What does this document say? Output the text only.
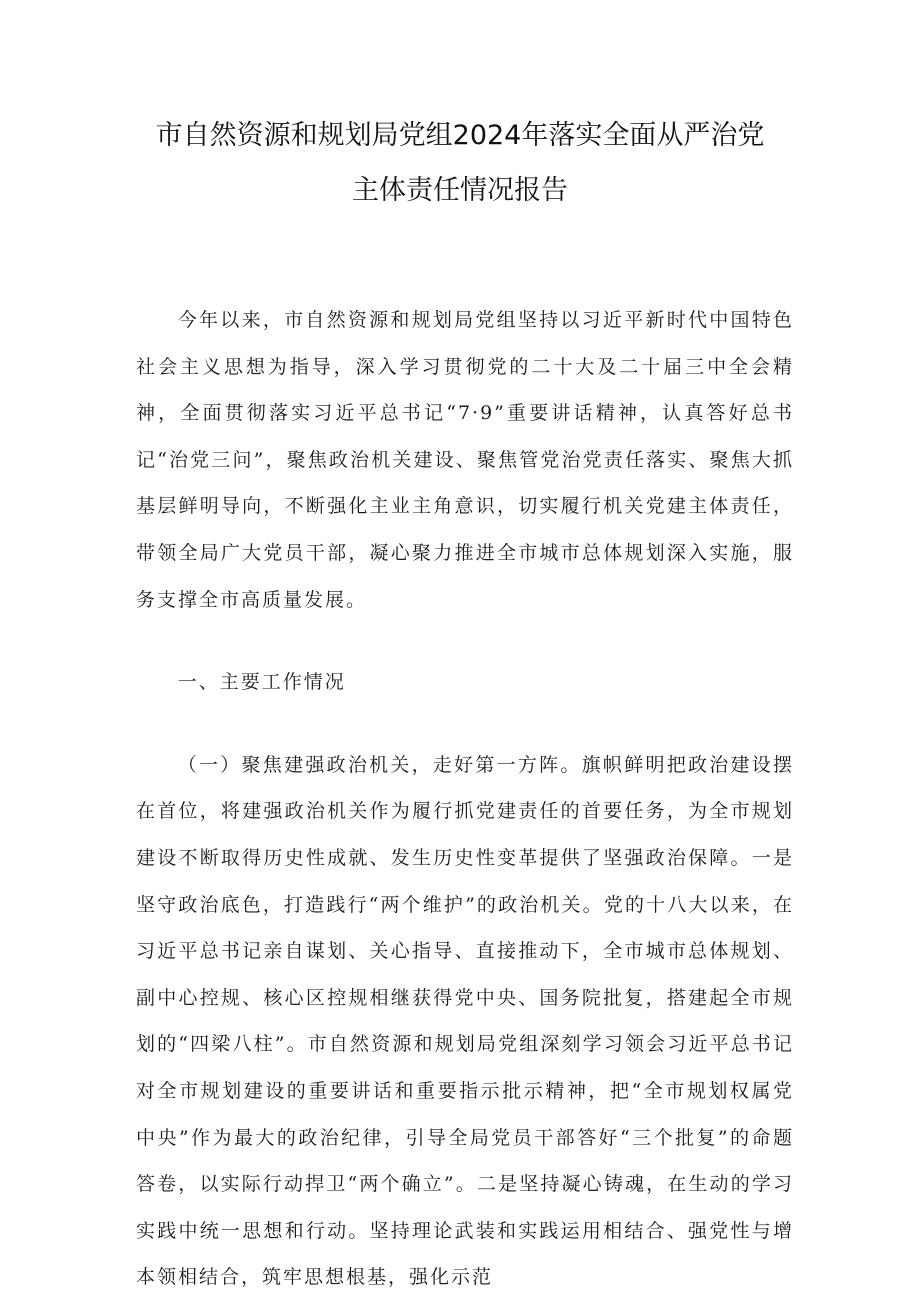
市自然资源和规划局党组2024年落实全面从严治党
主体责任情况报告

今年以来，市自然资源和规划局党组坚持以习近平新时代中国特色社会主义思想为指导，深入学习贯彻党的二十大及二十届三中全会精神，全面贯彻落实习近平总书记“7·9”重要讲话精神，认真答好总书记“治党三问”，聚焦政治机关建设、聚焦管党治党责任落实、聚焦大抓基层鲜明导向，不断强化主业主角意识，切实履行机关党建主体责任，带领全局广大党员干部，凝心聚力推进全市城市总体规划深入实施，服务支撑全市高质量发展。

一、主要工作情况

（一）聚焦建强政治机关，走好第一方阵。旗帜鲜明把政治建设摆在首位，将建强政治机关作为履行抓党建责任的首要任务，为全市规划建设不断取得历史性成就、发生历史性变革提供了坚强政治保障。一是坚守政治底色，打造践行“两个维护”的政治机关。党的十八大以来，在习近平总书记亲自谋划、关心指导、直接推动下，全市城市总体规划、副中心控规、核心区控规相继获得党中央、国务院批复，搭建起全市规划的“四梁八柱”。市自然资源和规划局党组深刻学习领会习近平总书记对全市规划建设的重要讲话和重要指示批示精神，把“全市规划权属党中央”作为最大的政治纪律，引导全局党员干部答好“三个批复”的命题答卷，以实际行动捍卫“两个确立”。二是坚持凝心铸魂，在生动的学习实践中统一思想和行动。坚持理论武装和实践运用相结合、强党性与增本领相结合，筑牢思想根基，强化示范
